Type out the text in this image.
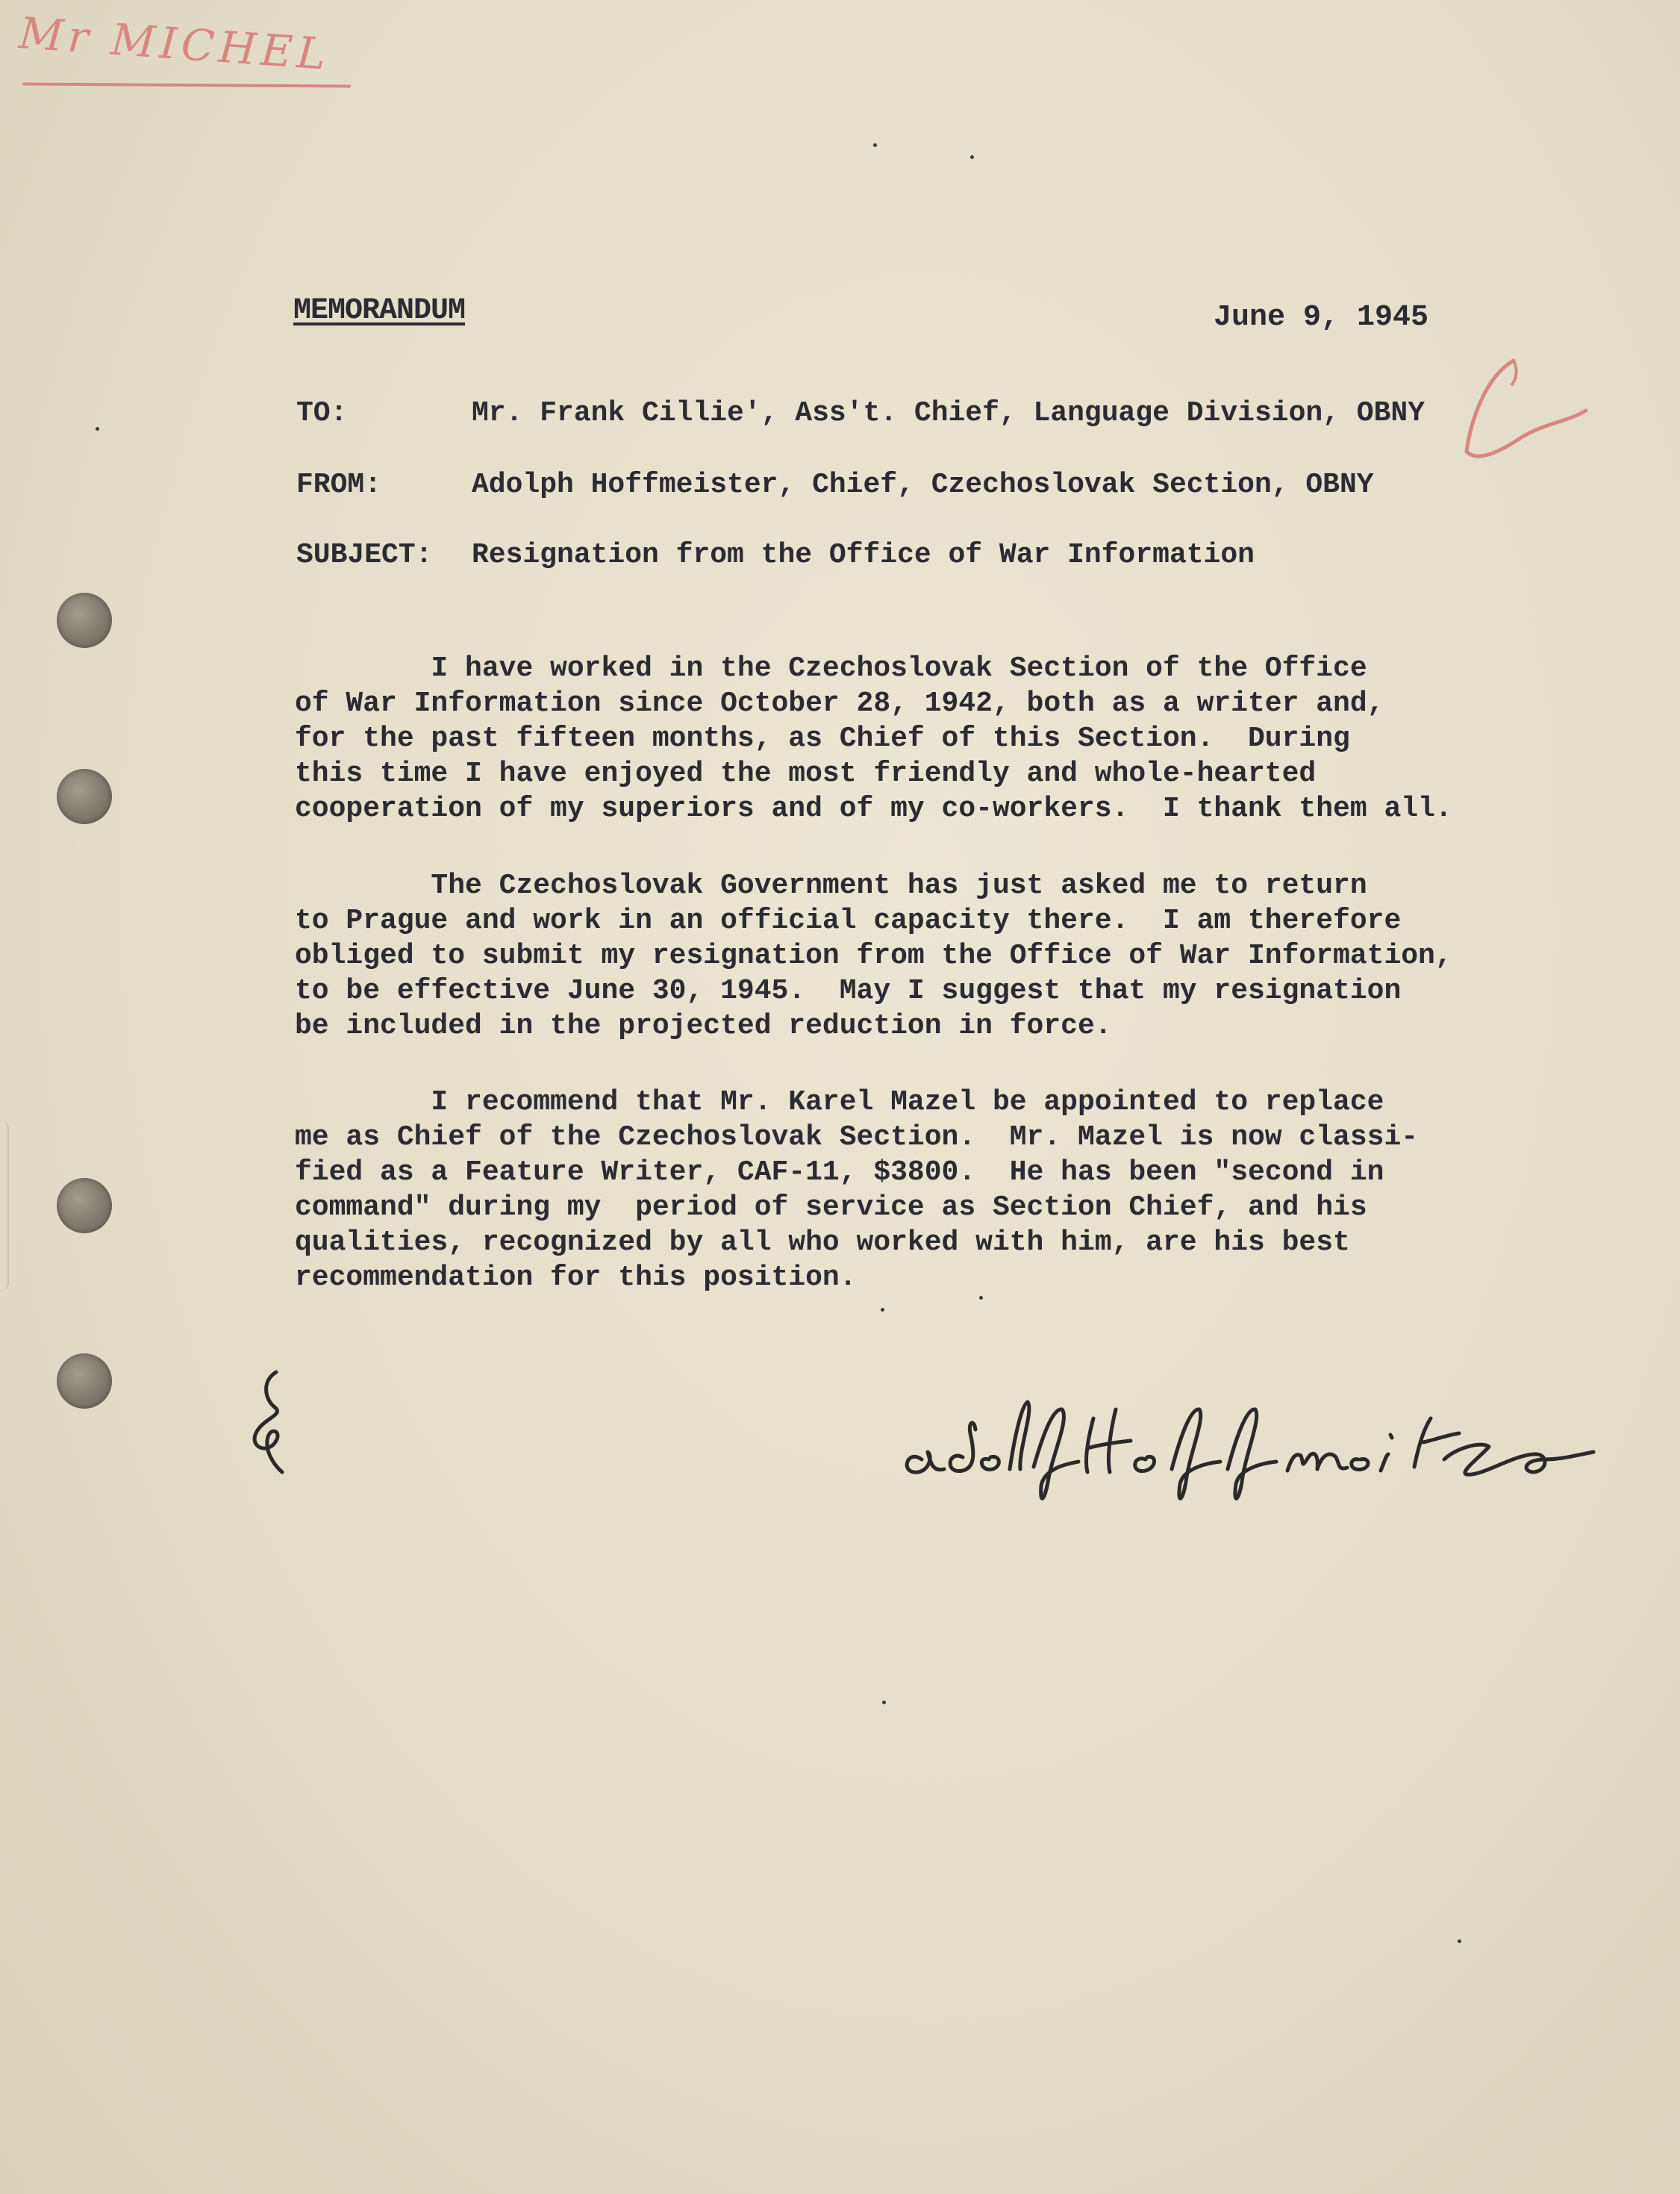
Mr MICHEL
MEMORANDUM	June 9, 1945
TO:	Mr. Frank Cillie', Ass't. Chief, Language Division, OBNY
FROM:	Adolph Hoffmeister, Chief, Czechoslovak Section, OBNY
SUBJECT: Resignation from the Office of War Information
I have worked in the Czechoslovak Section of the Office
of War Information since October 28, 1942, both as a writer and,
for the past fifteen months, as Chief of this Section.  During
this time I have enjoyed the most friendly and whole-hearted
cooperation of my superiors and of my co-workers.  I thank them all.
The Czechoslovak Government has just asked me to return
to Prague and work in an official capacity there.  I am therefore
obliged to submit my resignation from the Office of War Information,
to be effective June 30, 1945.  May I suggest that my resignation
be included in the projected reduction in force.
I recommend that Mr. Karel Mazel be appointed to replace
me as Chief of the Czechoslovak Section.  Mr. Mazel is now classi-
fied as a Feature Writer, CAF-11, $3800.  He has been "second in
command" during my  period of service as Section Chief, and his
qualities, recognized by all who worked with him, are his best
recommendation for this position.
